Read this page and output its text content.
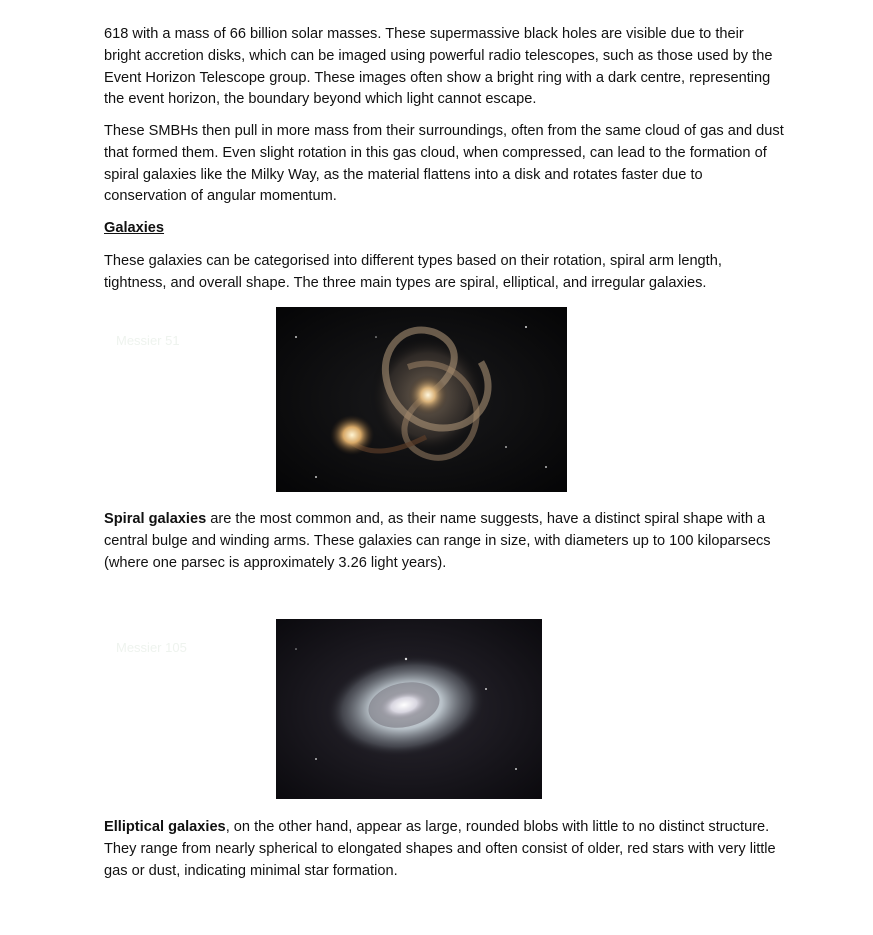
618 with a mass of 66 billion solar masses. These supermassive black holes are visible due to their bright accretion disks, which can be imaged using powerful radio telescopes, such as those used by the Event Horizon Telescope group. These images often show a bright ring with a dark centre, representing the event horizon, the boundary beyond which light cannot escape.

These SMBHs then pull in more mass from their surroundings, often from the same cloud of gas and dust that formed them. Even slight rotation in this gas cloud, when compressed, can lead to the formation of spiral galaxies like the Milky Way, as the material flattens into a disk and rotates faster due to conservation of angular momentum.

Galaxies

These galaxies can be categorised into different types based on their rotation, spiral arm length, tightness, and overall shape. The three main types are spiral, elliptical, and irregular galaxies.

Messier 51

Spiral galaxies are the most common and, as their name suggests, have a distinct spiral shape with a central bulge and winding arms. These galaxies can range in size, with diameters up to 100 kiloparsecs (where one parsec is approximately 3.26 light years).

Messier 105

Elliptical galaxies, on the other hand, appear as large, rounded blobs with little to no distinct structure. They range from nearly spherical to elongated shapes and often consist of older, red stars with very little gas or dust, indicating minimal star formation.
